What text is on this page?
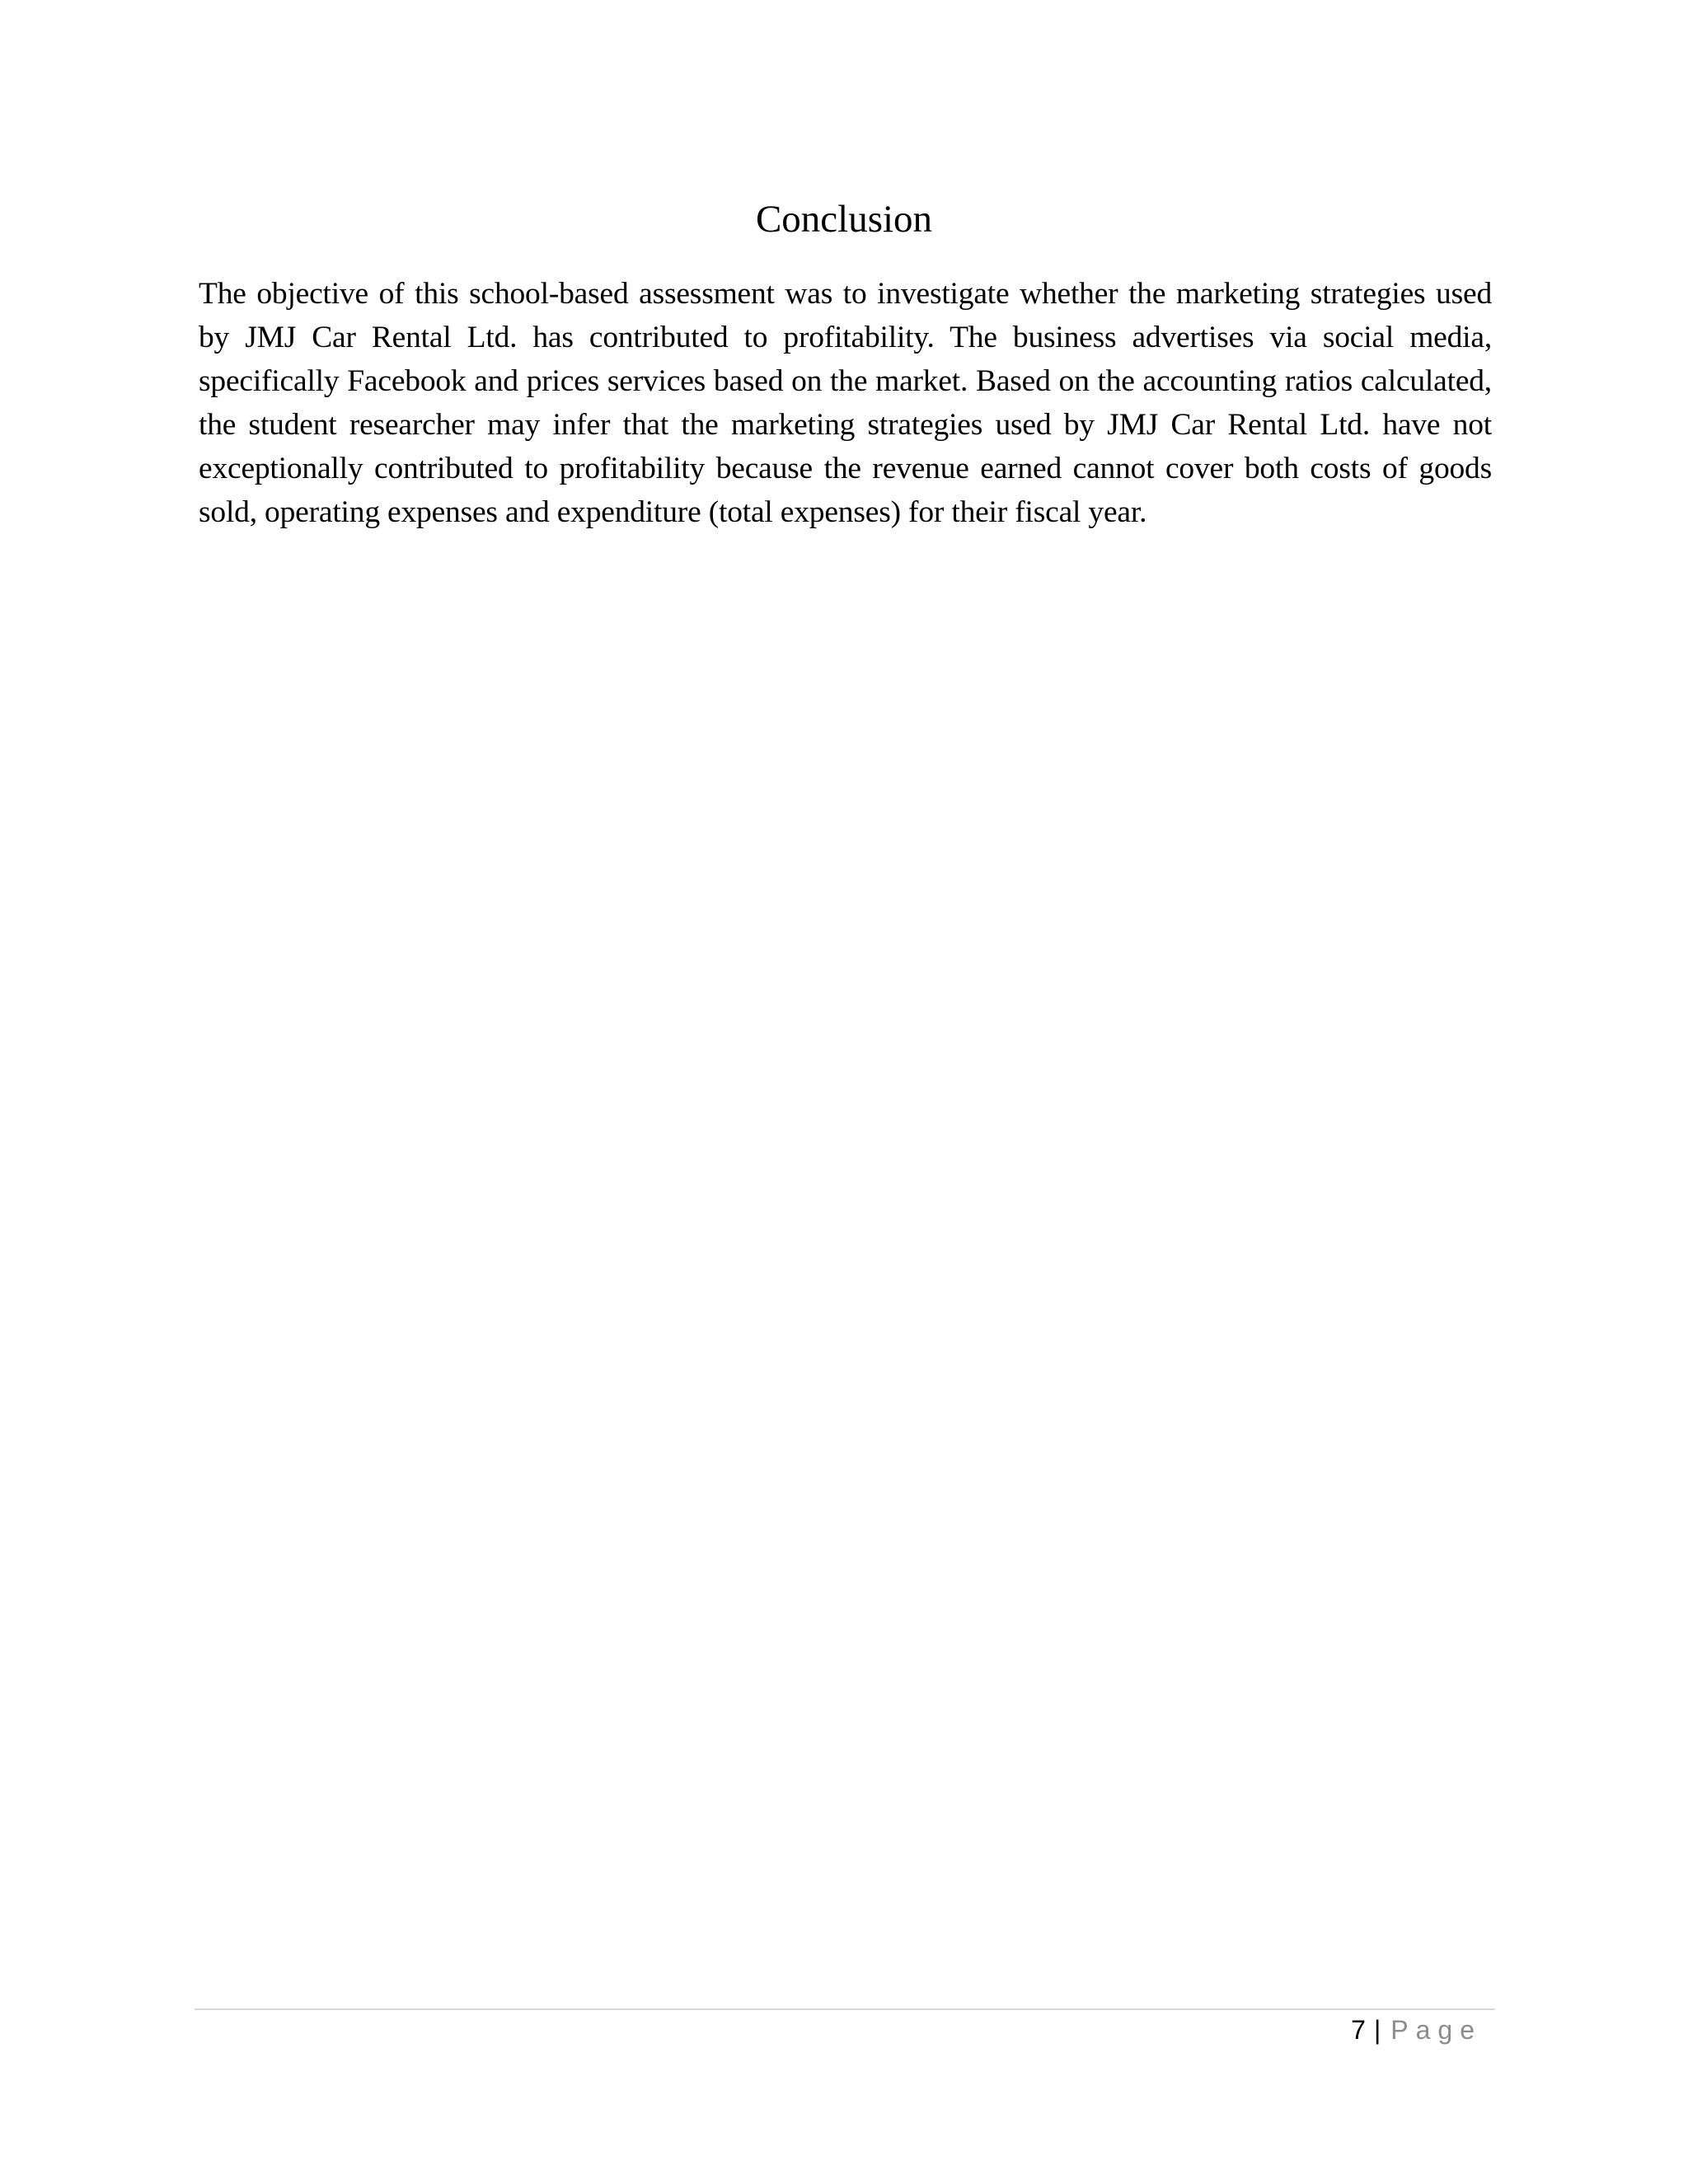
Conclusion

The objective of this school-based assessment was to investigate whether the marketing strategies used by JMJ Car Rental Ltd. has contributed to profitability. The business advertises via social media, specifically Facebook and prices services based on the market. Based on the accounting ratios calculated, the student researcher may infer that the marketing strategies used by JMJ Car Rental Ltd. have not exceptionally contributed to profitability because the revenue earned cannot cover both costs of goods sold, operating expenses and expenditure (total expenses) for their fiscal year.

7 | Page
